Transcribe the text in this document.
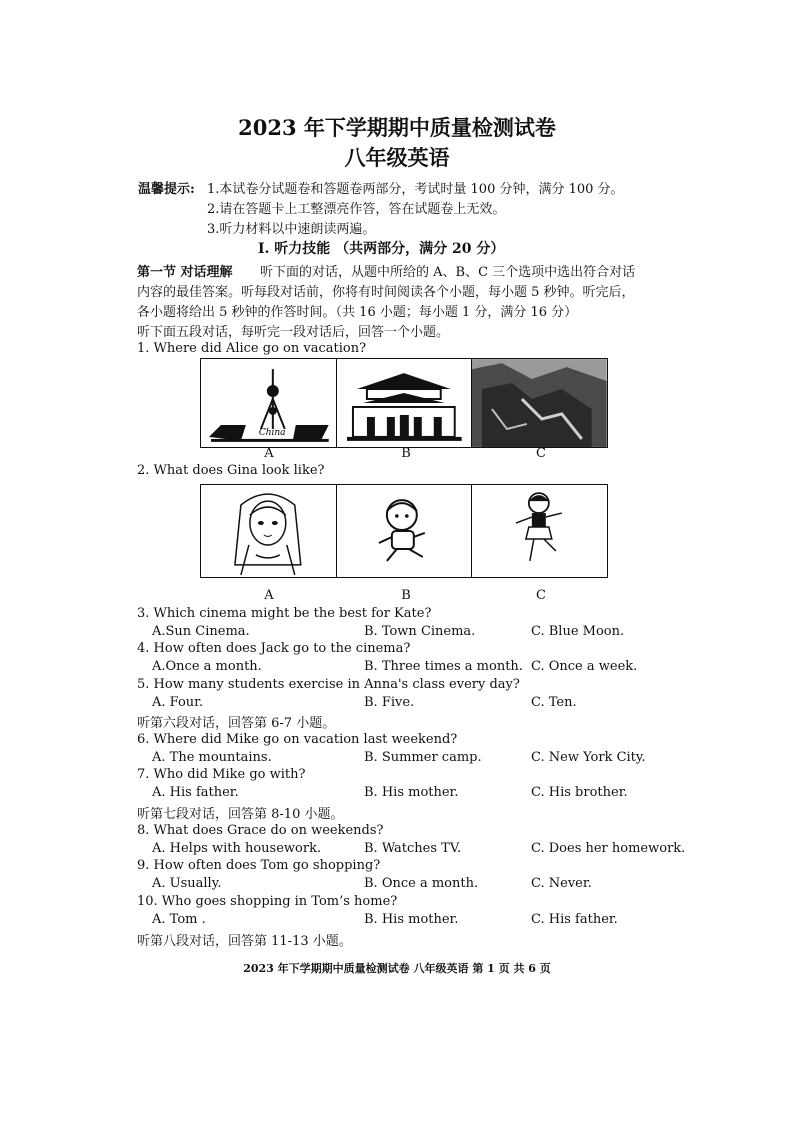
2023 年下学期期中质量检测试卷
八年级英语
温馨提示: 1.本试卷分试题卷和答题卷两部分，考试时量 100 分钟，满分 100 分。
2.请在答题卡上工整漂亮作答，答在试题卷上无效。
3.听力材料以中速朗读两遍。
I. 听力技能 （共两部分，满分 20 分）
第一节 对话理解 听下面的对话，从题中所给的 A、B、C 三个选项中选出符合对话
内容的最佳答案。听每段对话前，你将有时间阅读各个小题，每小题 5 秒钟。听完后，
各小题将给出 5 秒钟的作答时间。（共 16 小题；每小题 1 分，满分 16 分）
听下面五段对话，每听完一段对话后，回答一个小题。
1. Where did Alice go on vacation?
China
A	B	C
2. What does Gina look like?
A	B	C
3. Which cinema might be the best for Kate?
A.Sun Cinema.	B. Town Cinema.	C. Blue Moon.
4. How often does Jack go to the cinema?
A.Once a month.	B. Three times a month. C. Once a week.
5. How many students exercise in Anna's class every day?
A. Four.	B. Five.	C. Ten.
听第六段对话，回答第 6-7 小题。
6. Where did Mike go on vacation last weekend?
A. The mountains.	B. Summer camp.	C. New York City.
7. Who did Mike go with?
A. His father.	B. His mother.	C. His brother.
听第七段对话，回答第 8-10 小题。
8. What does Grace do on weekends?
A. Helps with housework.	B. Watches TV.	C. Does her homework.
9. How often does Tom go shopping?
A. Usually.	B. Once a month.	C. Never.
10. Who goes shopping in Tom’s home?
A. Tom .	B. His mother.	C. His father.
听第八段对话，回答第 11-13 小题。
2023 年下学期期中质量检测试卷 八年级英语 第 1 页 共 6 页
